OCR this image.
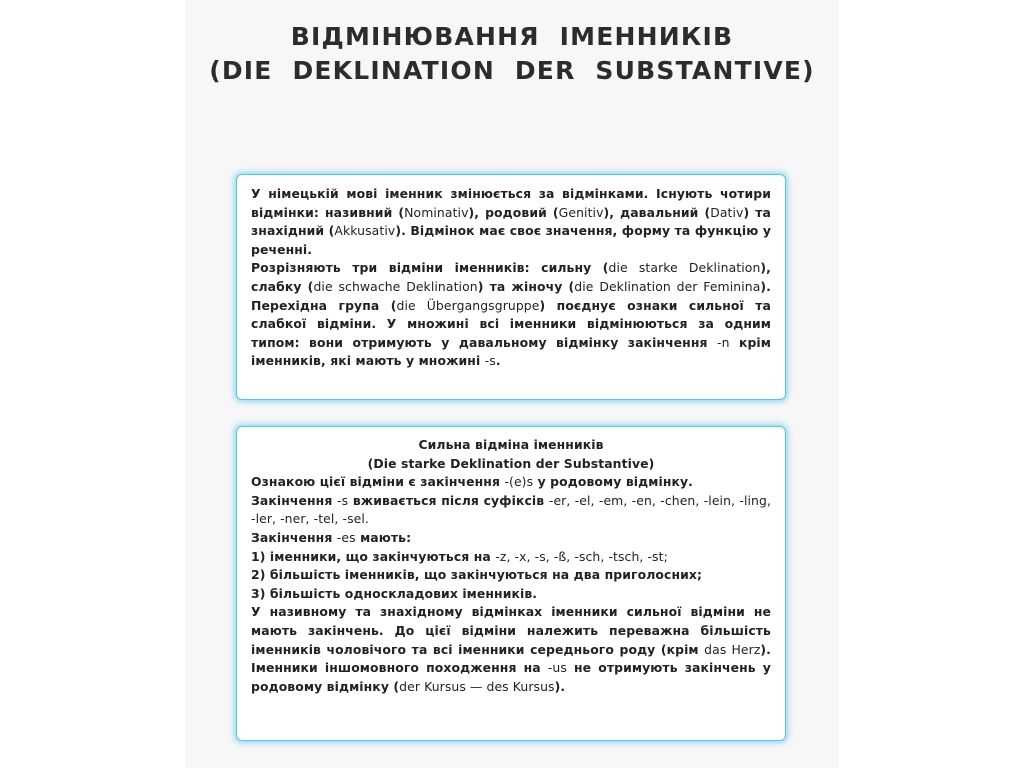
ВІДМІНЮВАННЯ ІМЕННИКІВ
(DIE DEKLINATION DER SUBSTANTIVE)

У німецькій мові іменник змінюється за відмінками. Існують чотири відмінки: називний (Nominativ), родовий (Genitiv), давальний (Dativ) та знахідний (Akkusativ). Відмінок має своє значення, форму та функцію у реченні.

Розрізняють три відміни іменників: сильну (die starke Deklination), слабку (die schwache Deklination) та жіночу (die Deklination der Feminina). Перехідна група (die Übergangsgruppe) поєднує ознаки сильної та слабкої відміни. У множині всі іменники відмінюються за одним типом: вони отримують у давальному відмінку закінчення -n крім іменників, які мають у множині -s.

Сильна відміна іменників

(Die starke Deklination der Substantive)

Ознакою цієї відміни є закінчення -(e)s у родовому відмінку.

Закінчення -s вживається після суфіксів -er, -el, -em, -en, -chen, -lein, -ling, -ler, -ner, -tel, -sel.

Закінчення -es мають:

1) іменники, що закінчуються на -z, -x, -s, -ß, -sch, -tsch, -st;

2) більшість іменників, що закінчуються на два приголосних;

3) більшість односкладових іменників.

У називному та знахідному відмінках іменники сильної відміни не мають закінчень. До цієї відміни належить переважна більшість іменників чоловічого та всі іменники середнього роду (крім das Herz). Іменники іншомовного походження на -us не отримують закінчень у родовому відмінку (der Kursus — des Kursus).
